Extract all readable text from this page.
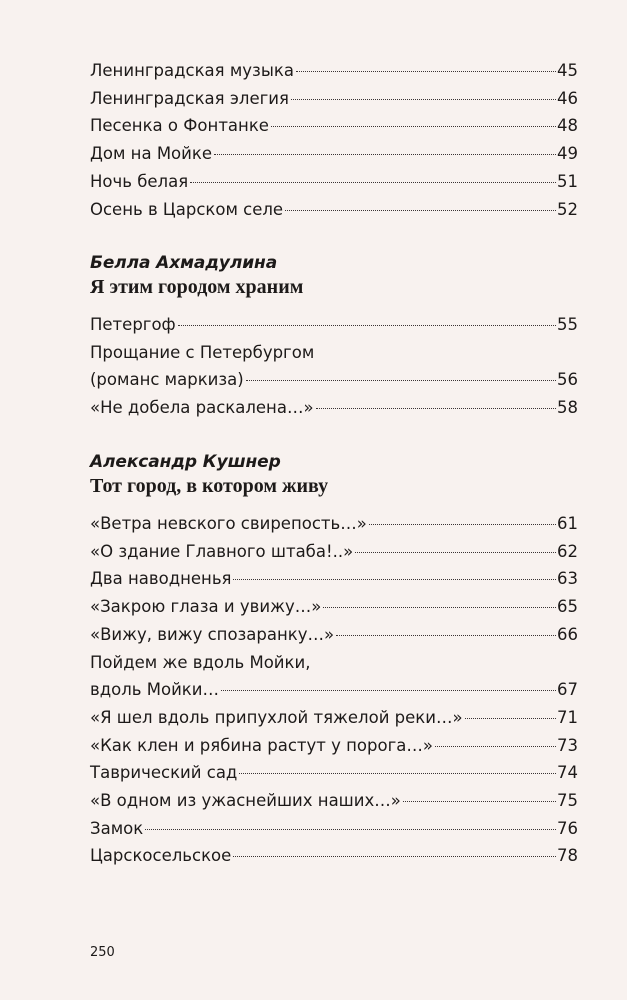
Ленинградская музыка	45
Ленинградская элегия	46
Песенка о Фонтанке	48
Дом на Мойке	49
Ночь белая	51
Осень в Царском селе	52

Белла Ахмадулина

Я этим городом храним

Петергоф	55
Прощание с Петербургом
(романс маркиза)	56
«Не добела раскалена…»	58

Александр Кушнер

Тот город, в котором живу

«Ветра невского свирепость…»	61
«О здание Главного штаба!..»	62
Два наводненья	63
«Закрою глаза и увижу…»	65
«Вижу, вижу спозаранку…»	66
Пойдем же вдоль Мойки,
вдоль Мойки…	67
«Я шел вдоль припухлой тяжелой реки…»	71
«Как клен и рябина растут у порога…»	73
Таврический сад	74
«В одном из ужаснейших наших…»	75
Замок	76
Царскосельское	78
250
